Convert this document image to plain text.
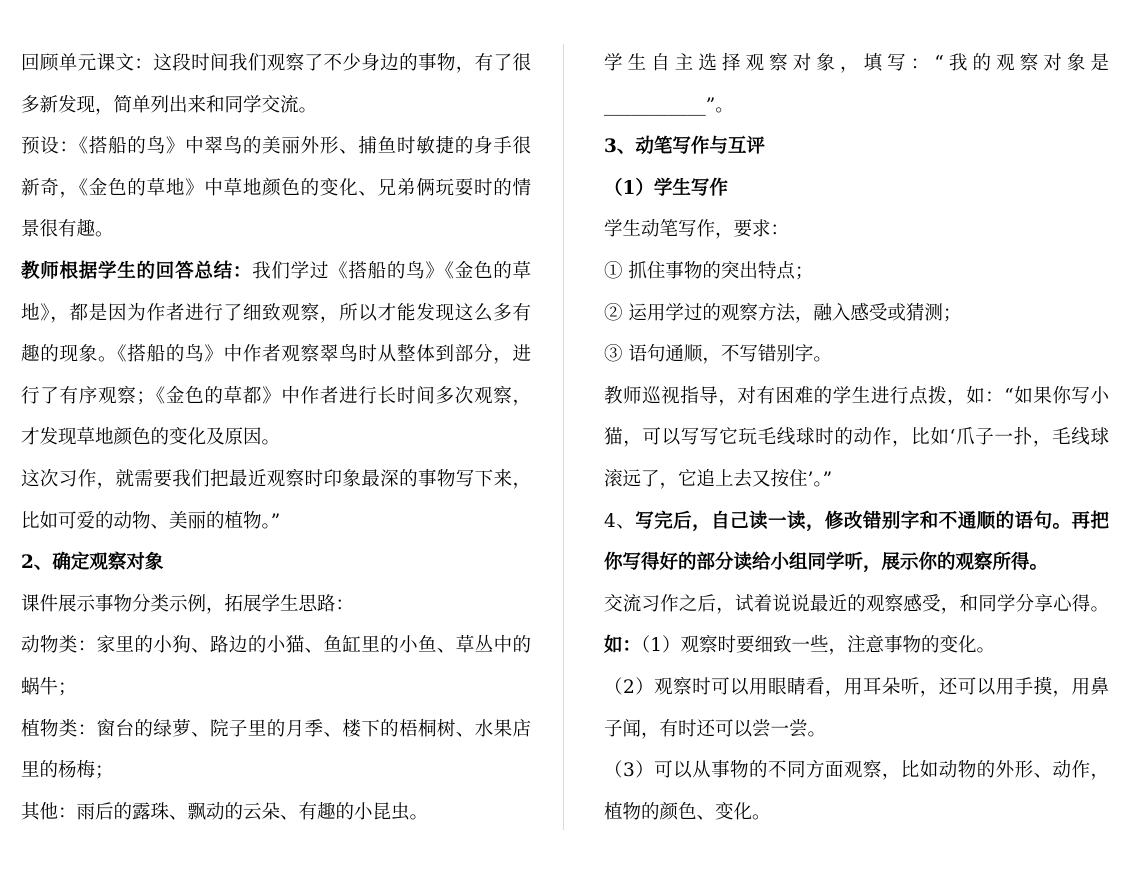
回顾单元课文：这段时间我们观察了不少身边的事物，有了很
多新发现，简单列出来和同学交流。
预设：《搭船的鸟》中翠鸟的美丽外形、捕鱼时敏捷的身手很
新奇，《金色的草地》中草地颜色的变化、兄弟俩玩耍时的情
景很有趣。
教师根据学生的回答总结：我们学过《搭船的鸟》《金色的草
地》，都是因为作者进行了细致观察，所以才能发现这么多有
趣的现象。《搭船的鸟》中作者观察翠鸟时从整体到部分，进
行了有序观察；《金色的草都》中作者进行长时间多次观察，
才发现草地颜色的变化及原因。
这次习作，就需要我们把最近观察时印象最深的事物写下来，
比如可爱的动物、美丽的植物。”
2、确定观察对象
课件展示事物分类示例，拓展学生思路：
动物类：家里的小狗、路边的小猫、鱼缸里的小鱼、草丛中的
蜗牛；
植物类：窗台的绿萝、院子里的月季、楼下的梧桐树、水果店
里的杨梅；
其他：雨后的露珠、飘动的云朵、有趣的小昆虫。
学生自主选择观察对象，填写：“我的观察对象是
___________”。
3、动笔写作与互评
（1）学生写作
学生动笔写作，要求：
① 抓住事物的突出特点；
② 运用学过的观察方法，融入感受或猜测；
③ 语句通顺，不写错别字。
教师巡视指导，对有困难的学生进行点拨，如：“如果你写小
猫，可以写写它玩毛线球时的动作，比如‘爪子一扑，毛线球
滚远了，它追上去又按住’。”
4、写完后，自己读一读，修改错别字和不通顺的语句。再把
你写得好的部分读给小组同学听，展示你的观察所得。
交流习作之后，试着说说最近的观察感受，和同学分享心得。
如：（1）观察时要细致一些，注意事物的变化。
（2）观察时可以用眼睛看，用耳朵听，还可以用手摸，用鼻
子闻，有时还可以尝一尝。
（3）可以从事物的不同方面观察，比如动物的外形、动作，
植物的颜色、变化。
